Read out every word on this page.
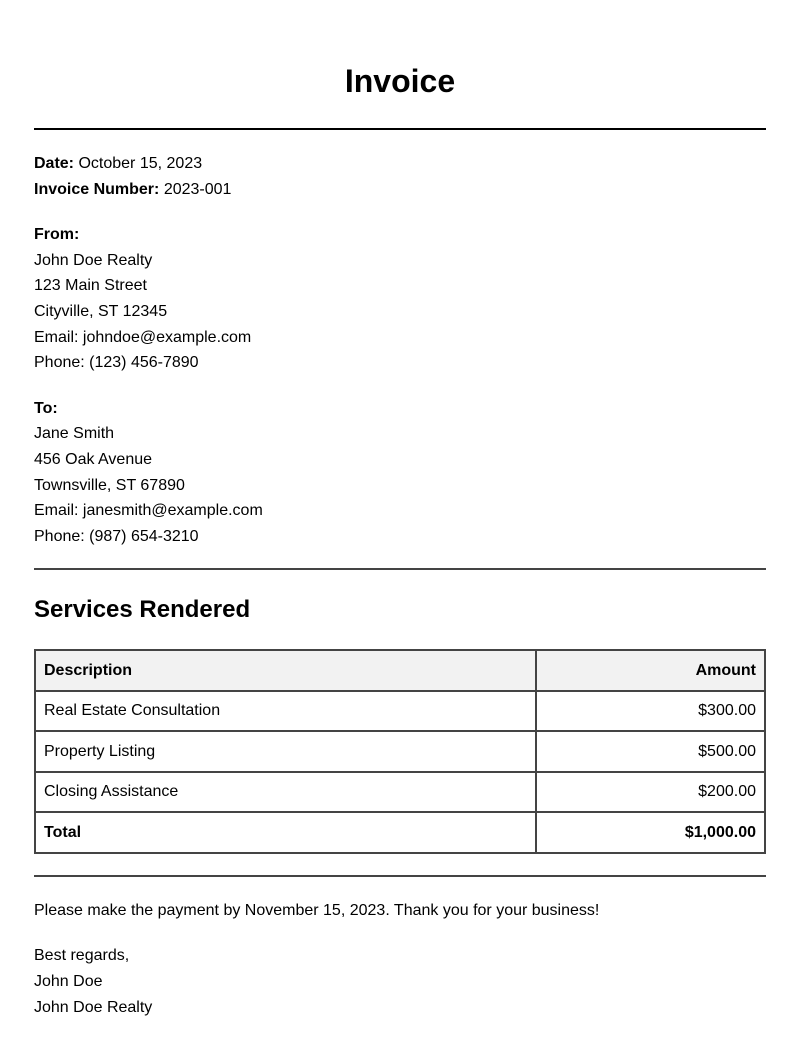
Invoice

Date: October 15, 2023

Invoice Number: 2023-001

From:

John Doe Realty

123 Main Street

Cityville, ST 12345

Email: johndoe@example.com

Phone: (123) 456-7890

To:

Jane Smith

456 Oak Avenue

Townsville, ST 67890

Email: janesmith@example.com

Phone: (987) 654-3210

Services Rendered
Description	Amount
Real Estate Consultation	$300.00
Property Listing	$500.00
Closing Assistance	$200.00
Total	$1,000.00

Please make the payment by November 15, 2023. Thank you for your business!

Best regards,

John Doe

John Doe Realty
